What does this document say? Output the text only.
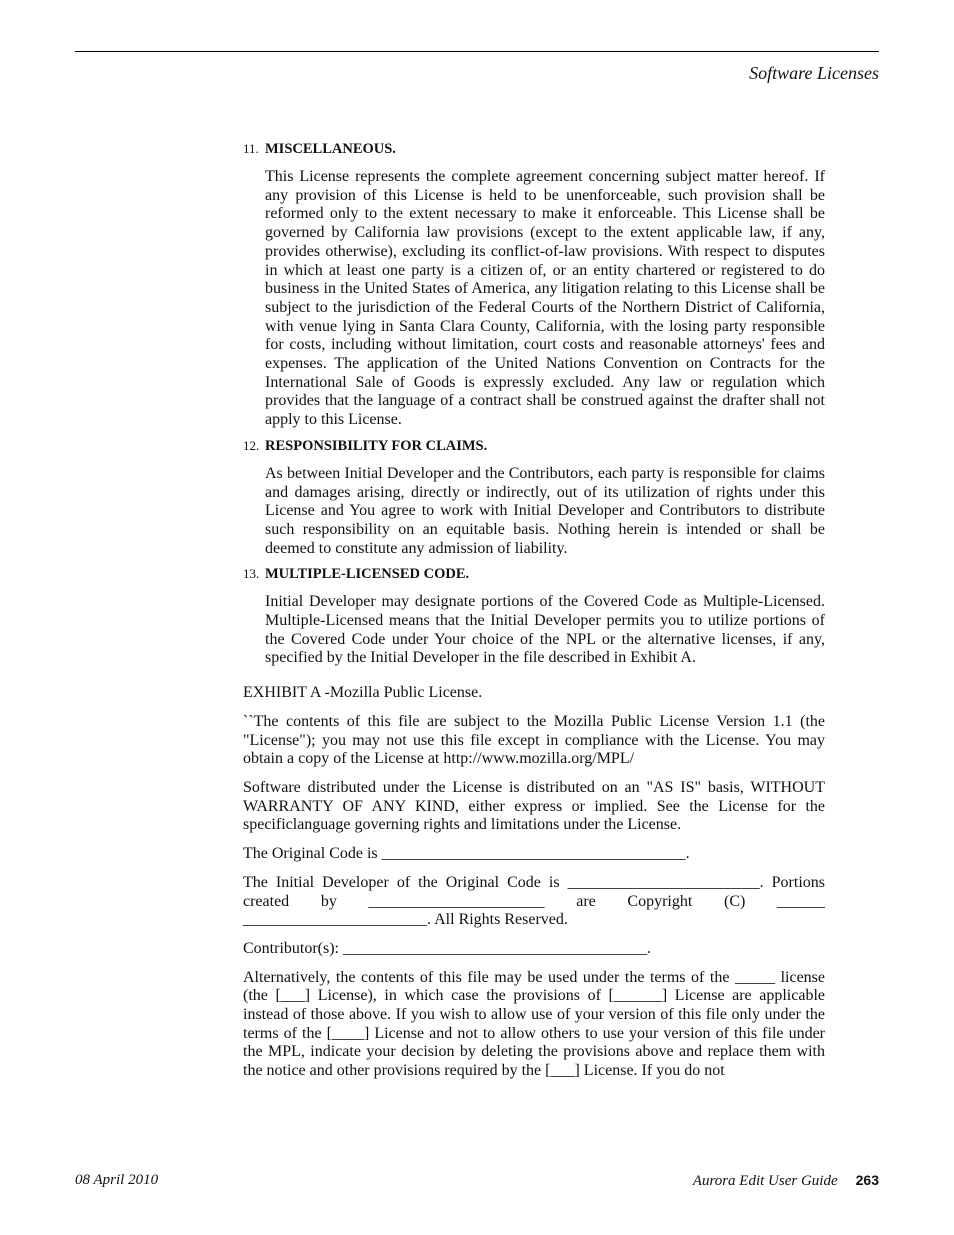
Software Licenses
11. MISCELLANEOUS.

This License represents the complete agreement concerning subject matter hereof. If any provision of this License is held to be unenforceable, such provision shall be reformed only to the extent necessary to make it enforceable. This License shall be governed by California law provisions (except to the extent applicable law, if any, provides otherwise), excluding its conflict-of-law provisions. With respect to disputes in which at least one party is a citizen of, or an entity chartered or registered to do business in the United States of America, any litigation relating to this License shall be subject to the jurisdiction of the Federal Courts of the Northern District of California, with venue lying in Santa Clara County, California, with the losing party responsible for costs, including without limitation, court costs and reasonable attorneys' fees and expenses. The application of the United Nations Convention on Contracts for the International Sale of Goods is expressly excluded. Any law or regulation which provides that the language of a contract shall be construed against the drafter shall not apply to this License.

12. RESPONSIBILITY FOR CLAIMS.

As between Initial Developer and the Contributors, each party is responsible for claims and damages arising, directly or indirectly, out of its utilization of rights under this License and You agree to work with Initial Developer and Contributors to distribute such responsibility on an equitable basis. Nothing herein is intended or shall be deemed to constitute any admission of liability.

13. MULTIPLE-LICENSED CODE.

Initial Developer may designate portions of the Covered Code as Multiple-Licensed. Multiple-Licensed means that the Initial Developer permits you to utilize portions of the Covered Code under Your choice of the NPL or the alternative licenses, if any, specified by the Initial Developer in the file described in Exhibit A.

EXHIBIT A -Mozilla Public License.

``The contents of this file are subject to the Mozilla Public License Version 1.1 (the "License"); you may not use this file except in compliance with the License. You may obtain a copy of the License at http://www.mozilla.org/MPL/

Software distributed under the License is distributed on an "AS IS" basis, WITHOUT WARRANTY OF ANY KIND, either express or implied. See the License for the specificlanguage governing rights and limitations under the License.

The Original Code is ______________________________________.

The Initial Developer of the Original Code is ________________________. Portions created by ______________________ are Copyright (C) ______ _______________________. All Rights Reserved.

Contributor(s): ______________________________________.

Alternatively, the contents of this file may be used under the terms of the _____ license (the [___] License), in which case the provisions of [______] License are applicable instead of those above. If you wish to allow use of your version of this file only under the terms of the [____] License and not to allow others to use your version of this file under the MPL, indicate your decision by deleting the provisions above and replace them with the notice and other provisions required by the [___] License. If you do not

08 April 2010	Aurora Edit User Guide 263
